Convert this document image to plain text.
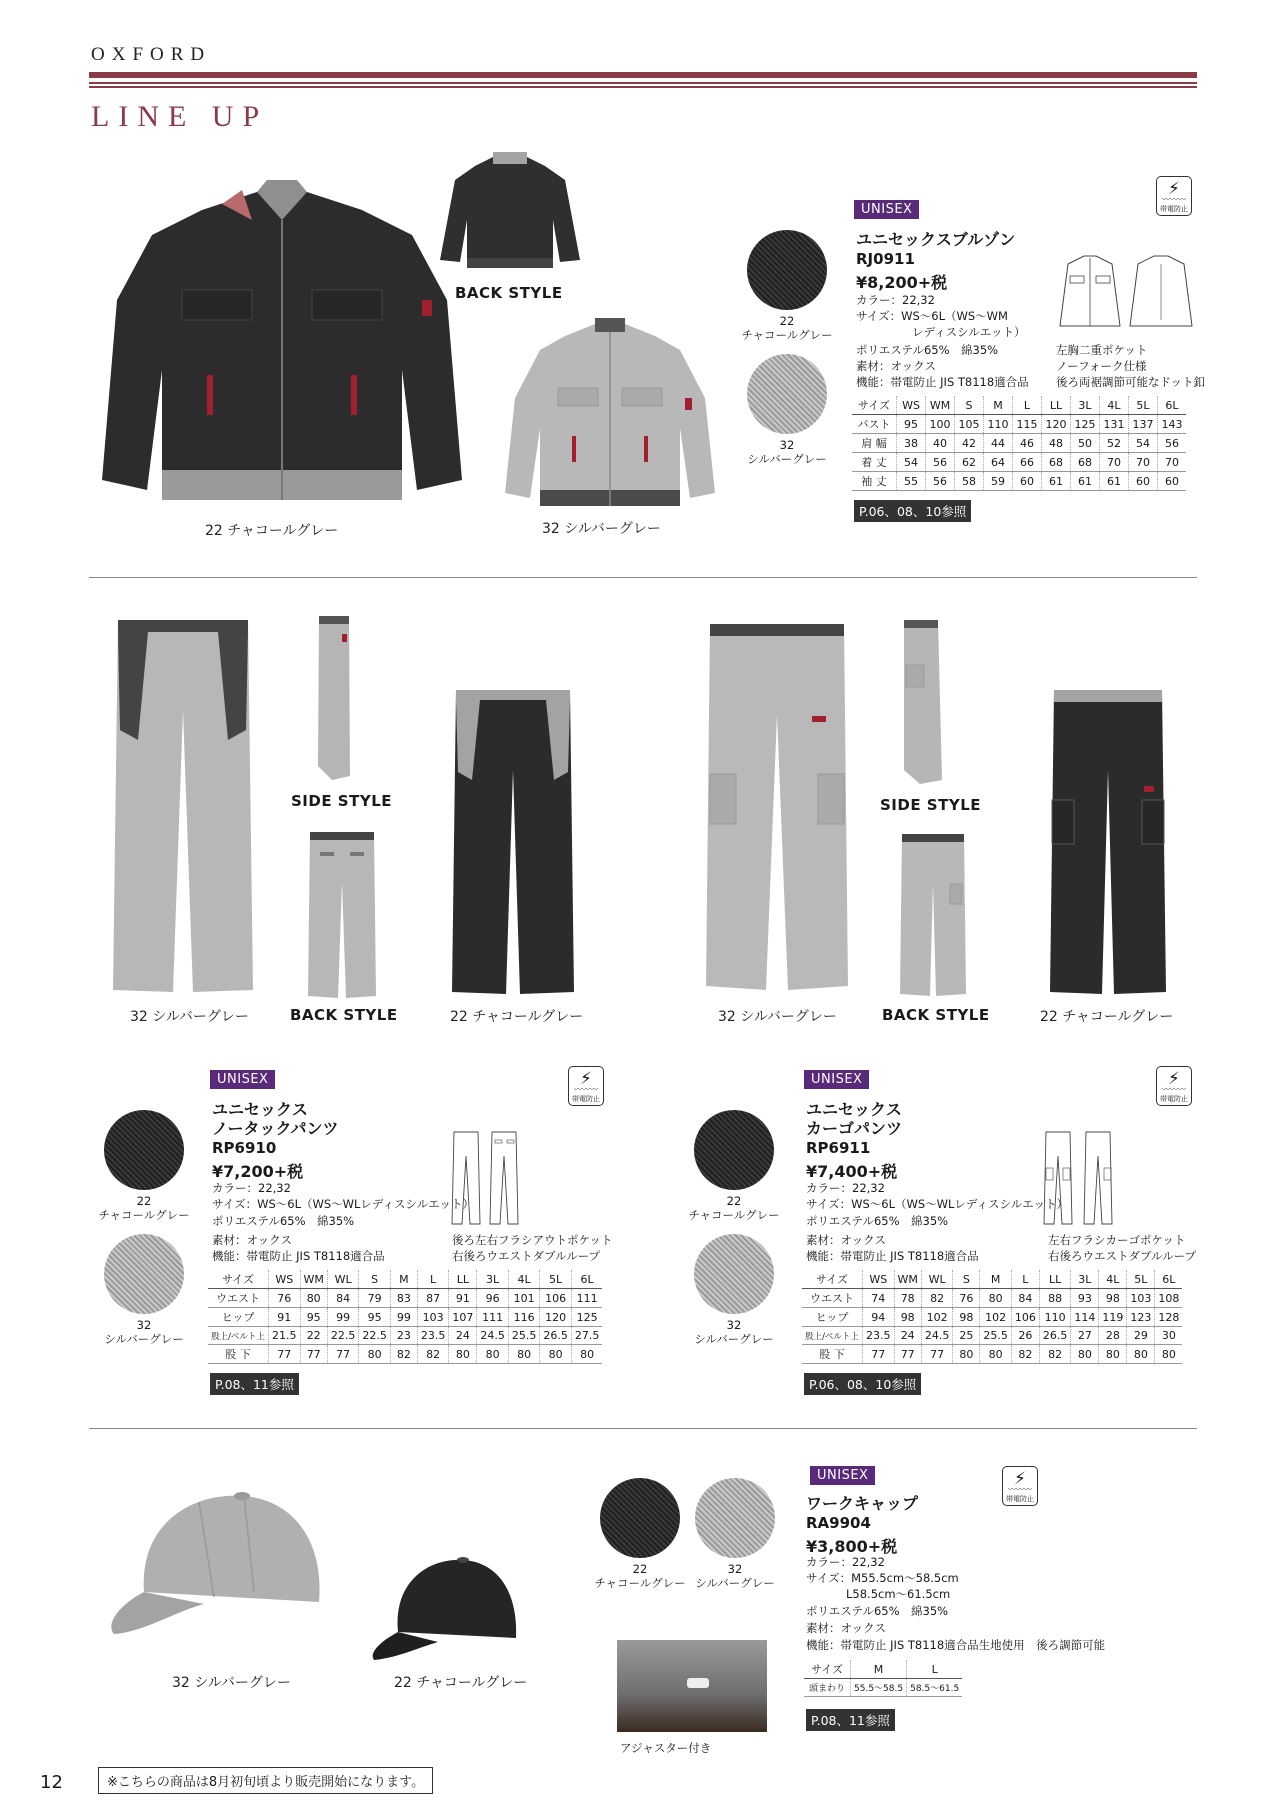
OXFORD
LINE UP
22 チャコールグレー
BACK STYLE
32 シルバーグレー
22
チャコールグレー
32
シルバーグレー
UNISEX
⚡
〰〰〰
帯電防止
ユニセックスブルゾン
RJ0911
¥8,200+税
カラー：22,32
サイズ：WS〜6L（WS〜WM
レディスシルエット）
ポリエステル65%　綿35%
素材：オックス
機能：帯電防止 JIS T8118適合品
左胸二重ポケット
ノーフォーク仕様
後ろ両裾調節可能なドット釦
サイズ	WS	WM	S	M	L	LL	3L	4L	5L	6L
バスト	95	100	105	110	115	120	125	131	137	143
肩 幅	38	40	42	44	46	48	50	52	54	56
着 丈	54	56	62	64	66	68	68	70	70	70
袖 丈	55	56	58	59	60	61	61	61	60	60
P.06、08、10参照
32 シルバーグレー
SIDE STYLE
BACK STYLE	22 チャコールグレー	32 シルバーグレー
SIDE STYLE
BACK STYLE	22 チャコールグレー
22
チャコールグレー
32
シルバーグレー
UNISEX	⚡
〰〰〰
帯電防止
ユニセックス
ノータックパンツ
RP6910
¥7,200+税
カラー：22,32
サイズ：WS〜6L（WS〜WLレディスシルエット）
ポリエステル65%　綿35%
素材：オックス
機能：帯電防止 JIS T8118適合品
後ろ左右フラシアウトポケット
右後ろウエストダブルループ
サイズ	WS	WM	WL	S	M	L	LL	3L	4L	5L	6L
ウエスト	76	80	84	79	83	87	91	96	101	106	111
ヒップ	91	95	99	95	99	103	107	111	116	120	125
股上/ベルト上	21.5	22	22.5	22.5	23	23.5	24	24.5	25.5	26.5	27.5
股 下	77	77	77	80	82	82	80	80	80	80	80
P.08、11参照
22
チャコールグレー
32
シルバーグレー
UNISEX	⚡
〰〰〰
帯電防止
ユニセックス
カーゴパンツ
RP6911
¥7,400+税
カラー：22,32
サイズ：WS〜6L（WS〜WLレディスシルエット）
ポリエステル65%　綿35%
素材：オックス
機能：帯電防止 JIS T8118適合品
左右フラシカーゴポケット
右後ろウエストダブルループ
サイズ	WS	WM	WL	S	M	L	LL	3L	4L	5L	6L
ウエスト	74	78	82	76	80	84	88	93	98	103	108
ヒップ	94	98	102	98	102	106	110	114	119	123	128
股上/ベルト上	23.5	24	24.5	25	25.5	26	26.5	27	28	29	30
股 下	77	77	77	80	80	82	82	80	80	80	80
P.06、08、10参照
32 シルバーグレー	22 チャコールグレー
アジャスター付き
22
チャコールグレー
32
シルバーグレー
UNISEX	⚡
〰〰〰
帯電防止
ワークキャップ
RA9904
¥3,800+税
カラー：22,32
サイズ：M55.5cm〜58.5cm
L58.5cm〜61.5cm
ポリエステル65%　綿35%
素材：オックス
機能：帯電防止 JIS T8118適合品生地使用　後ろ調節可能
サイズ	M	L
頭まわり	55.5〜58.5	58.5〜61.5
P.08、11参照
12	※こちらの商品は8月初旬頃より販売開始になります。
